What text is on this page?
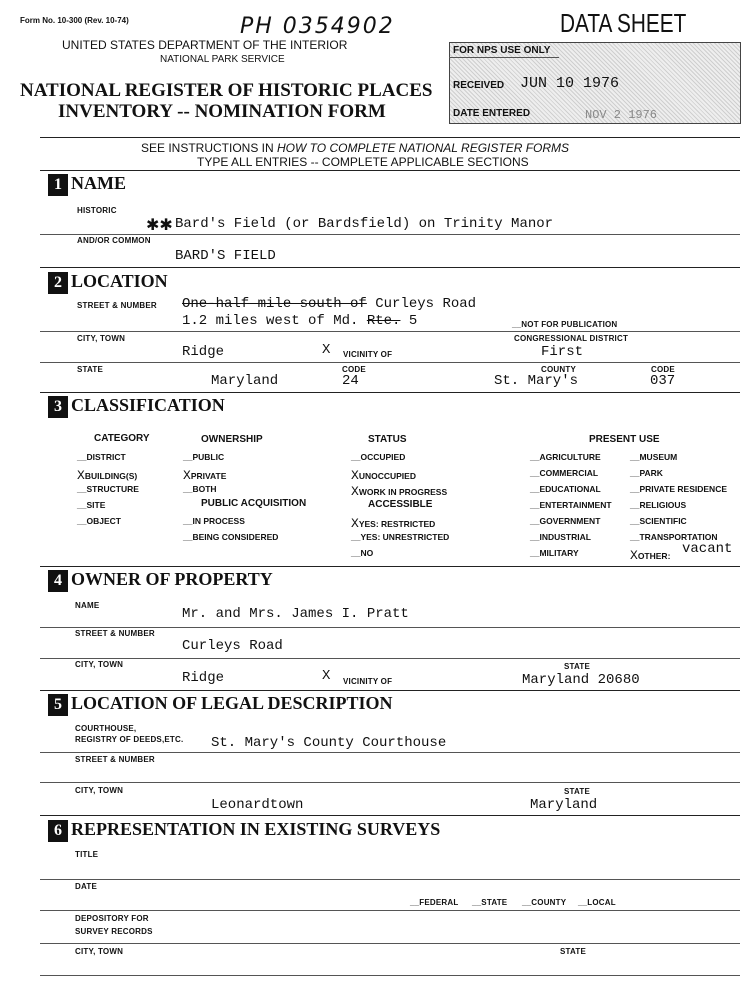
Form No. 10-300 (Rev. 10-74)	PH 0354902
UNITED STATES DEPARTMENT OF THE INTERIOR
NATIONAL PARK SERVICE
NATIONAL REGISTER OF HISTORIC PLACES
INVENTORY -- NOMINATION FORM
DATA SHEET
FOR NPS USE ONLY
RECEIVED JUN 10 1976
DATE ENTERED	NOV 2 1976
SEE INSTRUCTIONS IN HOW TO COMPLETE NATIONAL REGISTER FORMS
TYPE ALL ENTRIES -- COMPLETE APPLICABLE SECTIONS
1 NAME
HISTORIC
✱✱ Bard's Field (or Bardsfield) on Trinity Manor
AND/OR COMMON
BARD'S FIELD
2 LOCATION
STREET & NUMBER One-half mile south of Curleys Road
1.2 miles west of Md. Rte. 5	__NOT FOR PUBLICATION
CITY, TOWN	CONGRESSIONAL DISTRICT
Ridge	X VICINITY OF	First
STATE	CODE	COUNTY	CODE
Maryland	24	St. Mary's	037
3 CLASSIFICATION
CATEGORY	OWNERSHIP
PUBLIC ACQUISITION
STATUS
ACCESSIBLE
PRESENT USE
__DISTRICT
XBUILDING(S)
__STRUCTURE
__SITE
__OBJECT
__PUBLIC
XPRIVATE
__BOTH
__IN PROCESS
__BEING CONSIDERED
__OCCUPIED
XUNOCCUPIED
XWORK IN PROGRESS
XYES: RESTRICTED
__YES: UNRESTRICTED
__NO
__AGRICULTURE
__COMMERCIAL
__EDUCATIONAL
__ENTERTAINMENT
__GOVERNMENT
__INDUSTRIAL
__MILITARY
__MUSEUM
__PARK
__PRIVATE RESIDENCE
__RELIGIOUS
__SCIENTIFIC
__TRANSPORTATION
XOTHER: vacant
4 OWNER OF PROPERTY
NAME
Mr. and Mrs. James I. Pratt
STREET & NUMBER
Curleys Road
CITY, TOWN	STATE
Ridge	X VICINITY OF	Maryland 20680
5 LOCATION OF LEGAL DESCRIPTION
COURTHOUSE,
REGISTRY OF DEEDS,ETC. St. Mary's County Courthouse
STREET & NUMBER
CITY, TOWN	STATE
Leonardtown	Maryland
6 REPRESENTATION IN EXISTING SURVEYS
TITLE
DATE
__FEDERAL __STATE __COUNTY __LOCAL
DEPOSITORY FOR
SURVEY RECORDS
CITY, TOWN	STATE
